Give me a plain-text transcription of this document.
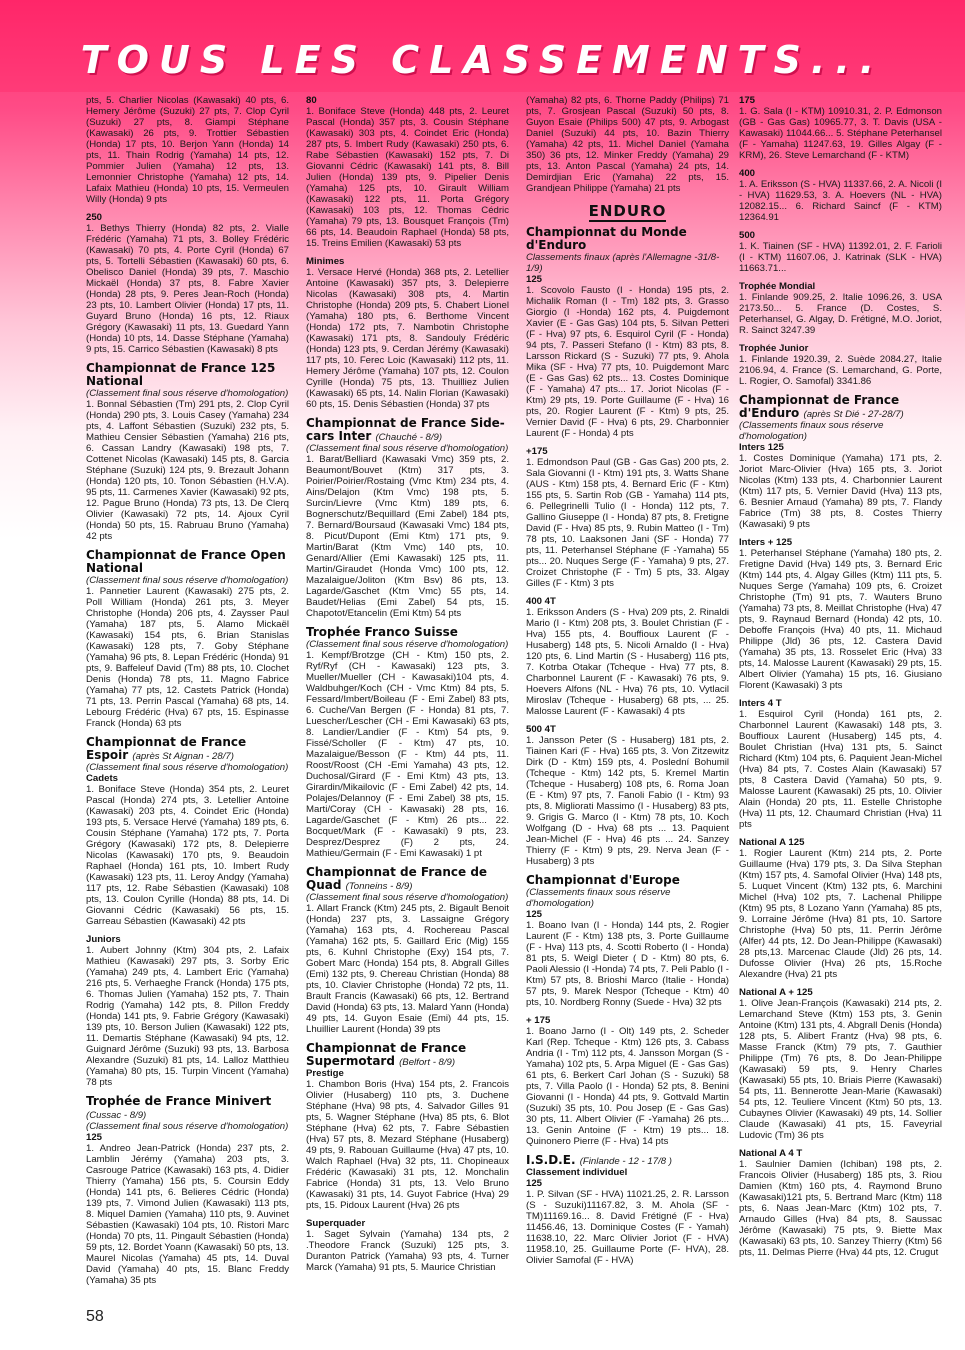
TOUS LES CLASSEMENTS...

pts, 5. Charlier Nicolas (Kawasaki) 40 pts, 6. Hemery Jérôme (Suzuki) 27 pts, 7. Clop Cyril (Suzuki) 27 pts, 8. Giampi Stéphane (Kawasaki) 26 pts, 9. Trottier Sébastien (Honda) 17 pts, 10. Berjon Yann (Honda) 14 pts, 11. Thain Rodrig (Yamaha) 14 pts, 12. Pommier Julien (Yamaha) 12 pts, 13. Lemonnier Christophe (Yamaha) 12 pts, 14. Lafaix Mathieu (Honda) 10 pts, 15. Vermeulen Willy (Honda) 9 pts

250

1. Bethys Thierry (Honda) 82 pts, 2. Vialle Frédéric (Yamaha) 71 pts, 3. Bolley Frédéric (Kawasaki) 70 pts, 4. Porte Cyril (Honda) 67 pts, 5. Tortelli Sébastien (Kawasaki) 60 pts, 6. Obelisco Daniel (Honda) 39 pts, 7. Maschio Mickaël (Honda) 37 pts, 8. Fabre Xavier (Honda) 28 pts, 9. Peres Jean-Roch (Honda) 23 pts, 10. Lambert Olivier (Honda) 17 pts, 11. Guyard Bruno (Honda) 16 pts, 12. Riaux Grégory (Kawasaki) 11 pts, 13. Guedard Yann (Honda) 10 pts, 14. Dasse Stéphane (Yamaha) 9 pts, 15. Carrico Sébastien (Kawasaki) 8 pts

Championnat de France 125 National
(Classement final sous réserve d'homologation)

1. Bonnal Sébastien (Tm) 291 pts, 2. Clop Cyril (Honda) 290 pts, 3. Louis Casey (Yamaha) 234 pts, 4. Laffont Sébastien (Suzuki) 232 pts, 5. Mathieu Censier Sébastien (Yamaha) 216 pts, 6. Cassan Landry (Kawasaki) 198 pts, 7. Cottenet Nicolas (Kawasaki) 145 pts, 8. Garcia Stéphane (Suzuki) 124 pts, 9. Brezault Johann (Honda) 120 pts, 10. Tonon Sébastien (H.V.A). 95 pts, 11. Carmenes Xavier (Kawasaki) 92 pts, 12. Pague Bruno (Honda) 73 pts, 13. De Clerq Olivier (Kawasaki) 72 pts, 14. Ajoux Cyril (Honda) 50 pts, 15. Rabruau Bruno (Yamaha) 42 pts

Championnat de France Open National
(Classement final sous réserve d'homologation)

1. Pannetier Laurent (Kawasaki) 275 pts, 2. Poll William (Honda) 261 pts, 3. Meyer Christophe (Honda) 206 pts, 4. Zaysser Paul (Yamaha) 187 pts, 5. Alamo Mickaël (Kawasaki) 154 pts, 6. Brian Stanislas (Kawasaki) 128 pts, 7. Goby Stéphane (Yamaha) 96 pts, 8. Lepan Frédéric (Honda) 91 pts, 9. Baffeleuf David (Tm) 88 pts, 10. Clochet Denis (Honda) 78 pts, 11. Magno Fabrice (Yamaha) 77 pts, 12. Castets Patrick (Honda) 71 pts, 13. Perrin Pascal (Yamaha) 68 pts, 14. Lebourg Frédéric (Hva) 67 pts, 15. Espinasse Franck (Honda) 63 pts

Championnat de France Espoir (après St Aignan - 28/7)
(Classement final sous réserve d'homologation)
Cadets

1. Boniface Steve (Honda) 354 pts, 2. Leuret Pascal (Honda) 274 pts, 3. Letellier Antoine (Kawasaki) 203 pts, 4. Coindet Eric (Honda) 193 pts, 5. Versace Hervé (Yamaha) 189 pts, 6. Cousin Stéphane (Yamaha) 172 pts, 7. Porta Grégory (Kawasaki) 172 pts, 8. Delepierre Nicolas (Kawasaki) 170 pts, 9. Beaudoin Raphael (Honda) 161 pts, 10. Imbert Rudy (Kawasaki) 123 pts, 11. Leroy Andgy (Yamaha) 117 pts, 12. Rabe Sébastien (Kawasaki) 108 pts, 13. Coulon Cyrille (Honda) 88 pts, 14. Di Giovanni Cédric (Kawasaki) 56 pts, 15. Garreau Sébastien (Kawasaki) 42 pts

Juniors

1. Aubert Johnny (Ktm) 304 pts, 2. Lafaix Mathieu (Kawasaki) 297 pts, 3. Sorby Eric (Yamaha) 249 pts, 4. Lambert Eric (Yamaha) 216 pts, 5. Verhaeghe Franck (Honda) 175 pts, 6. Thomas Julien (Yamaha) 152 pts, 7. Thain Rodrig (Yamaha) 142 pts, 8. Pillon Freddy (Honda) 141 pts, 9. Fabrie Grégory (Kawasaki) 139 pts, 10. Berson Julien (Kawasaki) 122 pts, 11. Demartis Stéphane (Kawasaki) 94 pts, 12. Guignard Jérôme (Suzuki) 93 pts, 13. Barbosa Alexandre (Suzuki) 81 pts, 14. Lalloz Matthieu (Yamaha) 80 pts, 15. Turpin Vincent (Yamaha) 78 pts

Trophée de France Minivert (Cussac - 8/9)
(Classement final sous réserve d'homologation)
125

1. Andreo Jean-Patrick (Honda) 237 pts, 2. Lamblin Jérémy (Yamaha) 203 pts, 3. Casrouge Patrice (Kawasaki) 163 pts, 4. Didier Thierry (Yamaha) 156 pts, 5. Coursin Eddy (Honda) 141 pts, 6. Belieres Cédric (Honda) 139 pts, 7. Vimond Julien (Kawasaki) 113 pts, 8. Miquel Damien (Yamaha) 110 pts, 9. Auvinet Sébastien (Kawasaki) 104 pts, 10. Ristori Marc (Honda) 70 pts, 11. Pingault Sébastien (Honda) 59 pts, 12. Bordet Yoann (Kawasaki) 50 pts, 13. Maurel Nicolas (Yamaha) 45 pts, 14. Duval David (Yamaha) 40 pts, 15. Blanc Freddy (Yamaha) 35 pts

80

1. Boniface Steve (Honda) 448 pts, 2. Leuret Pascal (Honda) 357 pts, 3. Cousin Stéphane (Kawasaki) 303 pts, 4. Coindet Eric (Honda) 287 pts, 5. Imbert Rudy (Kawasaki) 250 pts, 6. Rabe Sébastien (Kawasaki) 152 pts, 7. Di Giovanni Cédric (Kawasaki) 141 pts, 8. Bill Julien (Honda) 139 pts, 9. Pipelier Denis (Yamaha) 125 pts, 10. Girault William (Kawasaki) 122 pts, 11. Porta Grégory (Kawasaki) 103 pts, 12. Thomas Cédric (Yamaha) 79 pts, 13. Bousquet François (Tm) 66 pts, 14. Beaudoin Raphael (Honda) 58 pts, 15. Treins Emilien (Kawasaki) 53 pts

Minimes

1. Versace Hervé (Honda) 368 pts, 2. Letellier Antoine (Kawasaki) 357 pts, 3. Delepierre Nicolas (Kawasaki) 308 pts, 4. Martin Christophe (Honda) 209 pts, 5. Chabert Lionel (Yamaha) 180 pts, 6. Berthome Vincent (Honda) 172 pts, 7. Nambotin Christophe (Kawasaki) 171 pts, 8. Sandouly Frédéric (Honda) 123 pts, 9. Cerdan Jérémy (Kawasaki) 117 pts, 10. Ferec Loic (Kawasaki) 112 pts, 11. Hemery Jérôme (Yamaha) 107 pts, 12. Coulon Cyrille (Honda) 75 pts, 13. Thuilliez Julien (Kawasaki) 65 pts, 14. Nalin Florian (Kawasaki) 60 pts, 15. Denis Sébastien (Honda) 37 pts

Championnat de France Side-cars Inter (Chauché - 8/9)
(Classement final sous réserve d'homologation)

1. Barat/Belliard (Kawasaki Vmc) 359 pts, 2. Beaumont/Bouvet (Ktm) 317 pts, 3. Poirier/Poirier/Rostaing (Vmc Ktm) 234 pts, 4. Ains/Delajon (Ktm Vmc) 198 pts, 5. Surcin/Lievre (Vmc Ktm) 189 pts, 6. Bognerschutz/Bequillard (Emi Zabel) 184 pts, 7. Bernard/Boursaud (Kawasaki Vmc) 184 pts, 8. Picut/Dupont (Emi Ktm) 171 pts, 9. Martin/Barat (Ktm Vmc) 140 pts, 10. Genard/Allier (Emi Kawasaki) 125 pts, 11. Martin/Giraudet (Honda Vmc) 100 pts, 12. Mazalaigue/Joliton (Ktm Bsv) 86 pts, 13. Lagarde/Gaschet (Ktm Vmc) 55 pts, 14. Baudet/Helias (Emi Zabel) 54 pts, 15. Chapotot/Etancelin (Emi Ktm) 54 pts

Trophée Franco Suisse
(Classement final sous réserve d'homologation)

1. Kempf/Brotzge (CH - Ktm) 150 pts, 2. Ryf/Ryf (CH - Kawasaki) 123 pts, 3. Mueller/Mueller (CH - Kawasaki)104 pts, 4. Waldbuhger/Koch (CH - Vmc Ktm) 84 pts, 5. Fessard/Imbert/Boileau (F - Emi Zabel) 83 pts, 6. Cuche/Van Bergen (F - Honda) 81 pts, 7. Luescher/Lescher (CH - Emi Kawasaki) 63 pts, 8. Landier/Landier (F - Ktm) 54 pts, 9. Fissé/Scholler (F - Ktm) 47 pts, 10. Mazalaigue/Besson (F - Ktm) 44 pts, 11. Roost/Roost (CH -Emi Yamaha) 43 pts, 12. Duchosal/Girard (F - Emi Ktm) 43 pts, 13. Girardin/Mikailovic (F - Emi Zabel) 42 pts, 14. Polajes/Delannoy (F - Emi Zabel) 38 pts, 15. Marti/Coray (CH - Kawasaki) 28 pts, 16. Lagarde/Gaschet (F - Ktm) 26 pts... 22. Bocquet/Mark (F - Kawasaki) 9 pts, 23. Desprez/Desprez (F) 2 pts, 24. Mathieu/Germain (F - Emi Kawasaki) 1 pt

Championnat de France de Quad (Tonneins - 8/9)
(Classement final sous réserve d'homologation)

1. Allart Franck (Ktm) 245 pts, 2. Bigault Benoit (Honda) 237 pts, 3. Lassaigne Grégory (Yamaha) 163 pts, 4. Rochereau Pascal (Yamaha) 162 pts, 5. Gaillard Eric (Mig) 155 pts, 6. Kuhnl Christophe (Exy) 154 pts, 7. Gobert Marc (Honda) 154 pts, 8. Abgrall Gilles (Emi) 132 pts, 9. Chereau Christian (Honda) 88 pts, 10. Clavier Christophe (Honda) 72 pts, 11. Brault Francis (Kawasaki) 66 pts, 12. Bertrand David (Honda) 63 pts, 13. Malard Yann (Honda) 49 pts, 14. Guyon Esaie (Emi) 44 pts, 15. Lhuillier Laurent (Honda) 39 pts

Championnat de France Supermotard (Belfort - 8/9)
Prestige

1. Chambon Boris (Hva) 154 pts, 2. Francois Olivier (Husaberg) 110 pts, 3. Duchene Stéphane (Hva) 98 pts, 4. Salvador Gilles 91 pts, 5. Wagner Stéphane (Hva) 85 pts, 6. Blot Stéphane (Hva) 62 pts, 7. Fabre Sébastien (Hva) 57 pts, 8. Mezard Stéphane (Husaberg) 49 pts, 9. Rabouan Guillaume (Hva) 47 pts, 10. Walch Raphael (Hva) 32 pts, 11. Chopineaux Frédéric (Kawasaki) 31 pts, 12. Monchalin Fabrice (Honda) 31 pts, 13. Velo Bruno (Kawasaki) 31 pts, 14. Guyot Fabrice (Hva) 29 pts, 15. Pidoux Laurent (Hva) 26 pts

Superquader

1. Saget Sylvain (Yamaha) 134 pts, 2 .Theodore Franck (Suzuki) 125 pts, 3. Duranton Patrick (Yamaha) 93 pts, 4. Turner Marck (Yamaha) 91 pts, 5. Maurice Christian

(Yamaha) 82 pts, 6. Thorne Paddy (Philips) 71 pts, 7. Grosjean Pascal (Suzuki) 50 pts, 8. Guyon Esaie (Philips 500) 47 pts, 9. Arbogast Daniel (Suzuki) 44 pts, 10. Bazin Thierry (Yamaha) 42 pts, 11. Michel Daniel (Yamaha 350) 36 pts, 12. Minker Freddy (Yamaha) 29 pts, 13. Anton Pascal (Yamaha) 24 pts, 14. Demirdjian Eric (Yamaha) 22 pts, 15. Grandjean Philippe (Yamaha) 21 pts

ENDURO
Championnat du Monde d'Enduro
Classements finaux (après l'Allemagne -31/8-1/9)
125

1. Scovolo Fausto (I - Honda) 195 pts, 2. Michalik Roman (I - Tm) 182 pts, 3. Grasso Giorgio (I -Honda) 162 pts, 4. Puigdemont Xavier (E - Gas Gas) 104 pts, 5. Silvan Petteri (F - Hva) 97 pts, 6. Esquirol Cyril (F - Honda) 94 pts, 7. Passeri Stefano (I - Ktm) 83 pts, 8. Larsson Rickard (S - Suzuki) 77 pts, 9. Ahola Mika (SF - Hva) 77 pts, 10. Puigdemont Marc (E - Gas Gas) 62 pts... 13. Costes Dominique (F - Yamaha) 47 pts... 17. Joriot Nicolas (F - Ktm) 29 pts, 19. Porte Guillaume (F - Hva) 16 pts, 20. Rogier Laurent (F - Ktm) 9 pts, 25. Vernier David (F - Hva) 6 pts, 29. Charbonnier Laurent (F - Honda) 4 pts

+175

1. Edmondson Paul (GB - Gas Gas) 200 pts, 2. Sala Giovanni (I - Ktm) 191 pts, 3. Watts Shane (AUS - Ktm) 158 pts, 4. Bernard Eric (F - Ktm) 155 pts, 5. Sartin Rob (GB - Yamaha) 114 pts, 6. Pellegrinelli Tulio (I - Honda) 112 pts, 7. Gallino Giuseppe (I - Honda) 87 pts, 8. Fretigne David (F - Hva) 85 pts, 9. Rubin Matteo (I - Tm) 78 pts, 10. Laaksonen Jani (SF - Honda) 77 pts, 11. Peterhansel Stéphane (F -Yamaha) 55 pts... 20. Nuques Serge (F - Yamaha) 9 pts, 27. Croizet Christophe (F - Tm) 5 pts, 33. Algay Gilles (F - Ktm) 3 pts

400 4T

1. Eriksson Anders (S - Hva) 209 pts, 2. Rinaldi Mario (I - Ktm) 208 pts, 3. Boulet Christian (F - Hva) 155 pts, 4. Bouffioux Laurent (F - Husaberg) 148 pts, 5. Nicoli Arnaldo (I - Hva) 120 pts, 6. Lind Martin (S - Husaberg) 116 pts, 7. Kotrba Otakar (Tcheque - Hva) 77 pts, 8. Charbonnel Laurent (F - Kawasaki) 76 pts, 9. Hoevers Alfons (NL - Hva) 76 pts, 10. Vytlacil Miroslav (Tcheque - Husaberg) 68 pts, ... 25. Malosse Laurent (F - Kawasaki) 4 pts

500 4T

1. Jansson Peter (S - Husaberg) 181 pts, 2. Tiainen Kari (F - Hva) 165 pts, 3. Von Zitzewitz Dirk (D - Ktm) 159 pts, 4. Poslední Bohumil (Tcheque - Ktm) 142 pts, 5. Kremel Martin (Tcheque - Husaberg) 108 pts, 6. Roma Joan (E - Ktm) 97 pts, 7. Fanoli Fabio (I - Ktm) 93 pts, 8. Migliorati Massimo (I - Husaberg) 83 pts, 9. Grigis G. Marco (I - Ktm) 78 pts, 10. Koch Wolfgang (D - Hva) 68 pts ... 13. Paquient Jean-Michel (F - Hva) 46 pts ... 24. Sanzey Thierry (F - Ktm) 9 pts, 29. Nerva Jean (F - Husaberg) 3 pts

Championnat d'Europe
(Classements finaux sous réserve d'homologation)
125

1. Boano Ivan (I - Honda) 144 pts, 2. Rogier Laurent (F - Ktm) 138 pts, 3. Porte Guillaume (F - Hva) 113 pts, 4. Scotti Roberto (I - Honda) 81 pts, 5. Weigl Dieter ( D - Ktm) 80 pts, 6. Paoli Alessio (I -Honda) 74 pts, 7. Peli Pablo (I - Ktm) 57 pts, 8. Brioshi Marco (Italie - Honda) 57 pts, 9. Marek Nespor (Tcheque - Ktm) 40 pts, 10. Nordberg Ronny (Suede - Hva) 32 pts

+ 175

1. Boano Jarno (I - Olt) 149 pts, 2. Scheder Karl (Rep. Tcheque - Ktm) 126 pts, 3. Cabass Andria (I - Tm) 112 pts, 4. Jansson Morgan (S - Yamaha) 102 pts, 5. Arpa Miguel (E - Gas Gas) 61 pts, 6. Berkert Carl Johan (S - Suzuki) 58 pts, 7. Villa Paolo (I - Honda) 52 pts, 8. Benini Giovanni (I - Honda) 44 pts, 9. Gottvald Martin (Suzuki) 35 pts, 10. Pou Josep (E - Gas Gas) 30 pts, 11. Albert Olivier (F -Yamaha) 26 pts... 13. Genin Antoine (F - Ktm) 19 pts... 18. Quinonero Pierre (F - Hva) 14 pts

I.S.D.E. (Finlande - 12 - 17/8 )
Classement individuel
125

1. P. Silvan (SF - HVA) 11021.25, 2. R. Larsson (S - Suzuki)11167.82, 3. M. Ahola (SF - TM)11169.16... 8. David Frétigné (F - Hva) 11456.46, 13. Dominique Costes (F - Yamah) 11638.10, 22. Marc Olivier Joriot (F - HVA) 11958.10, 25. Guillaume Porte (F- HVA), 28. Olivier Samofal (F - HVA)

175

1. G. Sala (I - KTM) 10910.31, 2. P. Edmonson (GB - Gas Gas) 10965.77, 3. T. Davis (USA - Kawasaki) 11044.66... 5. Stéphane Peterhansel (F - Yamaha) 11247.63, 19. Gilles Algay (F - KRM), 26. Steve Lemarchand (F - KTM)

400

1. A. Eriksson (S - HVA) 11337.66, 2. A. Nicoli (I - HVA) 11629.53, 3. A. Hoevers (NL - HVA) 12082.15... 6. Richard Saincf (F - KTM) 12364.91

500

1. K. Tiainen (SF - HVA) 11392.01, 2. F. Farioli (I - KTM) 11607.06, J. Katrinak (SLK - HVA) 11663.71...

Trophée Mondial

1. Finlande 909.25, 2. Italie 1096.26, 3. USA 2173.50... 5. France (D. Costes, S. Peterhansel, G. Algay, D. Frétigné, M.O. Joriot, R. Sainct 3247.39

Trophée Junior

1. Finlande 1920.39, 2. Suède 2084.27, Italie 2106.94, 4. France (S. Lemarchand, G. Porte, L. Rogier, O. Samofal) 3341.86

Championnat de France d'Enduro (après St Dié - 27-28/7)
(Classements finaux sous réserve d'homologation)
Inters 125

1. Costes Dominique (Yamaha) 171 pts, 2. Joriot Marc-Olivier (Hva) 165 pts, 3. Joriot Nicolas (Ktm) 133 pts, 4. Charbonnier Laurent (Ktm) 117 pts, 5. Vernier David (Hva) 113 pts, 6. Besnier Arnaud (Yamaha) 89 pts, 7. Flandy Fabrice (Tm) 38 pts, 8. Costes Thierry (Kawasaki) 9 pts

Inters + 125

1. Peterhansel Stéphane (Yamaha) 180 pts, 2. Fretigne David (Hva) 149 pts, 3. Bernard Eric (Ktm) 144 pts, 4. Algay Gilles (Ktm) 111 pts, 5. Nuques Serge (Yamaha) 109 pts, 6. Croizet Christophe (Tm) 91 pts, 7. Wauters Bruno (Yamaha) 73 pts, 8. Meillat Christophe (Hva) 47 pts, 9. Raynaud Bernard (Honda) 42 pts, 10. Deboffe François (Hva) 40 pts, 11. Michaud Philippe (Jld) 36 pts, 12. Castera David (Yamaha) 35 pts, 13. Rosselet Eric (Hva) 33 pts, 14. Malosse Laurent (Kawasaki) 29 pts, 15. Albert Olivier (Yamaha) 15 pts, 16. Giusiano Florent (Kawasaki) 3 pts

Inters 4 T

1. Esquirol Cyril (Honda) 161 pts, 2. Charbonnel Laurent (Kawasaki) 148 pts, 3. Bouffioux Laurent (Husaberg) 145 pts, 4. Boulet Christian (Hva) 131 pts, 5. Sainct Richard (Ktm) 104 pts, 6. Paquient Jean-Michel (Hva) 84 pts, 7. Costes Alain (Kawasaki) 57 pts, 8 Castera David (Yamaha) 50 pts, 9. Malosse Laurent (Kawasaki) 25 pts, 10. Olivier Alain (Honda) 20 pts, 11. Estelle Christophe (Hva) 11 pts, 12. Chaumard Christian (Hva) 11 pts

National A 125

1. Rogier Laurent (Ktm) 214 pts, 2. Porte Guillaume (Hva) 179 pts, 3. Da Silva Stephan (Ktm) 157 pts, 4. Samofal Olivier (Hva) 148 pts, 5. Luquet Vincent (Ktm) 132 pts, 6. Marchini Michel (Hva) 102 pts, 7. Lachenal Philippe (Ktm) 95 pts, 8 Lozano Yann (Yamaha) 85 pts, 9. Lorraine Jérôme (Hva) 81 pts, 10. Sartore Christophe (Hva) 50 pts, 11. Perrin Jérôme (Alfer) 44 pts, 12. Do Jean-Philippe (Kawasaki) 28 pts,13. Marcenac Claude (Jld) 26 pts, 14. Dufosse Olivier (Hva) 26 pts, 15.Roche Alexandre (Hva) 21 pts

National A + 125

1. Olive Jean-François (Kawasaki) 214 pts, 2. Lemarchand Steve (Ktm) 153 pts, 3. Genin Antoine (Ktm) 131 pts, 4. Abgrall Denis (Honda) 128 pts, 5. Alibert Frantz (Hva) 98 pts, 6. Masse Franck (Ktm) 79 pts, 7. Gauthier Philippe (Tm) 76 pts, 8. Do Jean-Philippe (Kawasaki) 59 pts, 9. Henry Charles (Kawasaki) 55 pts, 10. Briais Pierre (Kawasaki) 54 pts, 11. Bennerotte Jean-Marie (Kawasaki) 54 pts, 12. Teuliere Vincent (Ktm) 50 pts, 13. Cubaynes Olivier (Kawasaki) 49 pts, 14. Sollier Claude (Kawasaki) 41 pts, 15. Faveyrial Ludovic (Tm) 36 pts

National A 4 T

1. Saulnier Damien (Ichiban) 198 pts, 2. Francois Olivier (Husaberg) 185 pts, 3. Riou Damien (Ktm) 160 pts, 4. Raymond Bruno (Kawasaki)121 pts, 5. Bertrand Marc (Ktm) 118 pts, 6. Naas Jean-Marc (Ktm) 102 pts, 7. Arnaudo Gilles (Hva) 84 pts, 8. Saussac Jérôme (Kawasaki) 75 pts, 9. Biette Max (Kawasaki) 63 pts, 10. Sanzey Thierry (Ktm) 56 pts, 11. Delmas Pierre (Hva) 44 pts, 12. Crugut

58
